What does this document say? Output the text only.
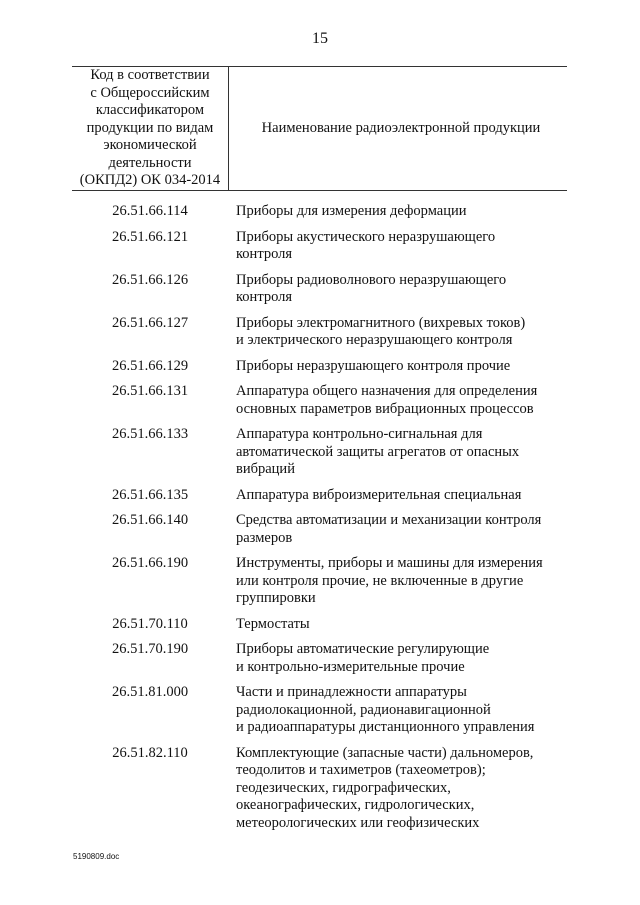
15
Код в соответствии
с Общероссийским
классификатором
продукции по видам
экономической
деятельности
(ОКПД2) ОК 034-2014
Наименование радиоэлектронной продукции
26.51.66.114	Приборы для измерения деформации
26.51.66.121	Приборы акустического неразрушающего
контроля
26.51.66.126	Приборы радиоволнового неразрушающего
контроля
26.51.66.127	Приборы электромагнитного (вихревых токов)
и электрического неразрушающего контроля
26.51.66.129	Приборы неразрушающего контроля прочие
26.51.66.131	Аппаратура общего назначения для определения
основных параметров вибрационных процессов
26.51.66.133	Аппаратура контрольно-сигнальная для
автоматической защиты агрегатов от опасных
вибраций
26.51.66.135	Аппаратура виброизмерительная специальная
26.51.66.140	Средства автоматизации и механизации контроля
размеров
26.51.66.190	Инструменты, приборы и машины для измерения
или контроля прочие, не включенные в другие
группировки
26.51.70.110	Термостаты
26.51.70.190	Приборы автоматические регулирующие
и контрольно-измерительные прочие
26.51.81.000	Части и принадлежности аппаратуры
радиолокационной, радионавигационной
и радиоаппаратуры дистанционного управления
26.51.82.110	Комплектующие (запасные части) дальномеров,
теодолитов и тахиметров (тахеометров);
геодезических, гидрографических,
океанографических, гидрологических,
метеорологических или геофизических
5190809.doc
